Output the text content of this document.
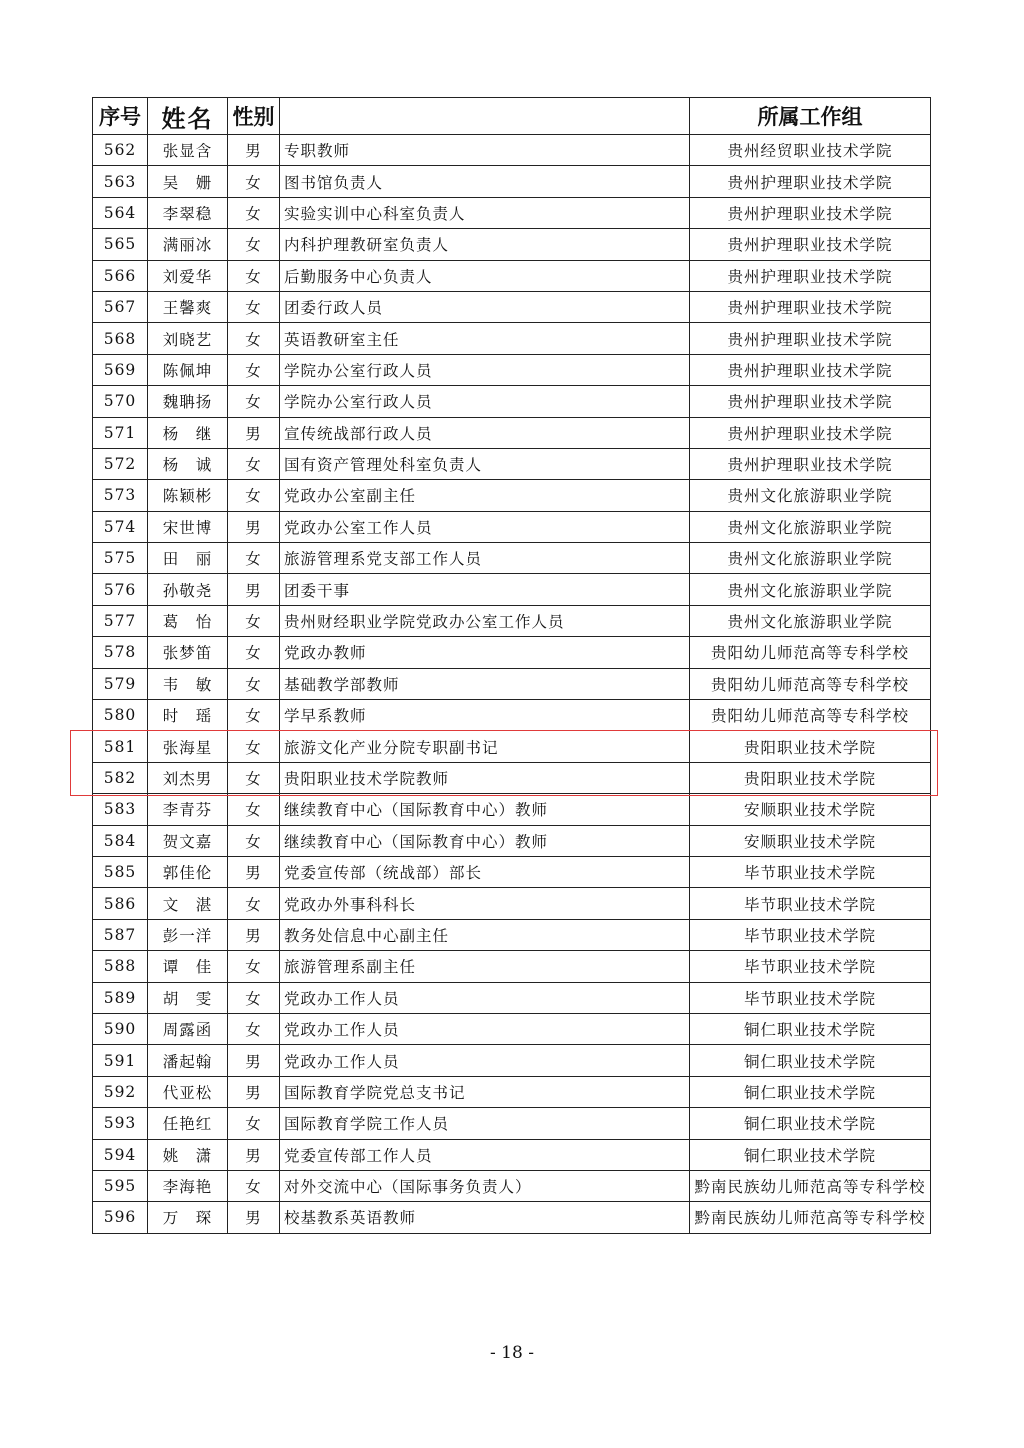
序号	姓名	性别		所属工作组
562	张显含	男	专职教师	贵州经贸职业技术学院
563	吴　姗	女	图书馆负责人	贵州护理职业技术学院
564	李翠稳	女	实验实训中心科室负责人	贵州护理职业技术学院
565	满丽冰	女	内科护理教研室负责人	贵州护理职业技术学院
566	刘爱华	女	后勤服务中心负责人	贵州护理职业技术学院
567	王馨爽	女	团委行政人员	贵州护理职业技术学院
568	刘晓艺	女	英语教研室主任	贵州护理职业技术学院
569	陈佩坤	女	学院办公室行政人员	贵州护理职业技术学院
570	魏聃扬	女	学院办公室行政人员	贵州护理职业技术学院
571	杨　继	男	宣传统战部行政人员	贵州护理职业技术学院
572	杨　诚	女	国有资产管理处科室负责人	贵州护理职业技术学院
573	陈颖彬	女	党政办公室副主任	贵州文化旅游职业学院
574	宋世博	男	党政办公室工作人员	贵州文化旅游职业学院
575	田　丽	女	旅游管理系党支部工作人员	贵州文化旅游职业学院
576	孙敬尧	男	团委干事	贵州文化旅游职业学院
577	葛　怡	女	贵州财经职业学院党政办公室工作人员	贵州文化旅游职业学院
578	张梦笛	女	党政办教师	贵阳幼儿师范高等专科学校
579	韦　敏	女	基础教学部教师	贵阳幼儿师范高等专科学校
580	时　瑶	女	学早系教师	贵阳幼儿师范高等专科学校
581	张海星	女	旅游文化产业分院专职副书记	贵阳职业技术学院
582	刘杰男	女	贵阳职业技术学院教师	贵阳职业技术学院
583	李青芬	女	继续教育中心（国际教育中心）教师	安顺职业技术学院
584	贺文嘉	女	继续教育中心（国际教育中心）教师	安顺职业技术学院
585	郭佳伦	男	党委宣传部（统战部）部长	毕节职业技术学院
586	文　湛	女	党政办外事科科长	毕节职业技术学院
587	彭一洋	男	教务处信息中心副主任	毕节职业技术学院
588	谭　佳	女	旅游管理系副主任	毕节职业技术学院
589	胡　雯	女	党政办工作人员	毕节职业技术学院
590	周露函	女	党政办工作人员	铜仁职业技术学院
591	潘起翰	男	党政办工作人员	铜仁职业技术学院
592	代亚松	男	国际教育学院党总支书记	铜仁职业技术学院
593	任艳红	女	国际教育学院工作人员	铜仁职业技术学院
594	姚　潇	男	党委宣传部工作人员	铜仁职业技术学院
595	李海艳	女	对外交流中心（国际事务负责人）	黔南民族幼儿师范高等专科学校
596	万　琛	男	校基教系英语教师	黔南民族幼儿师范高等专科学校
- 18 -
